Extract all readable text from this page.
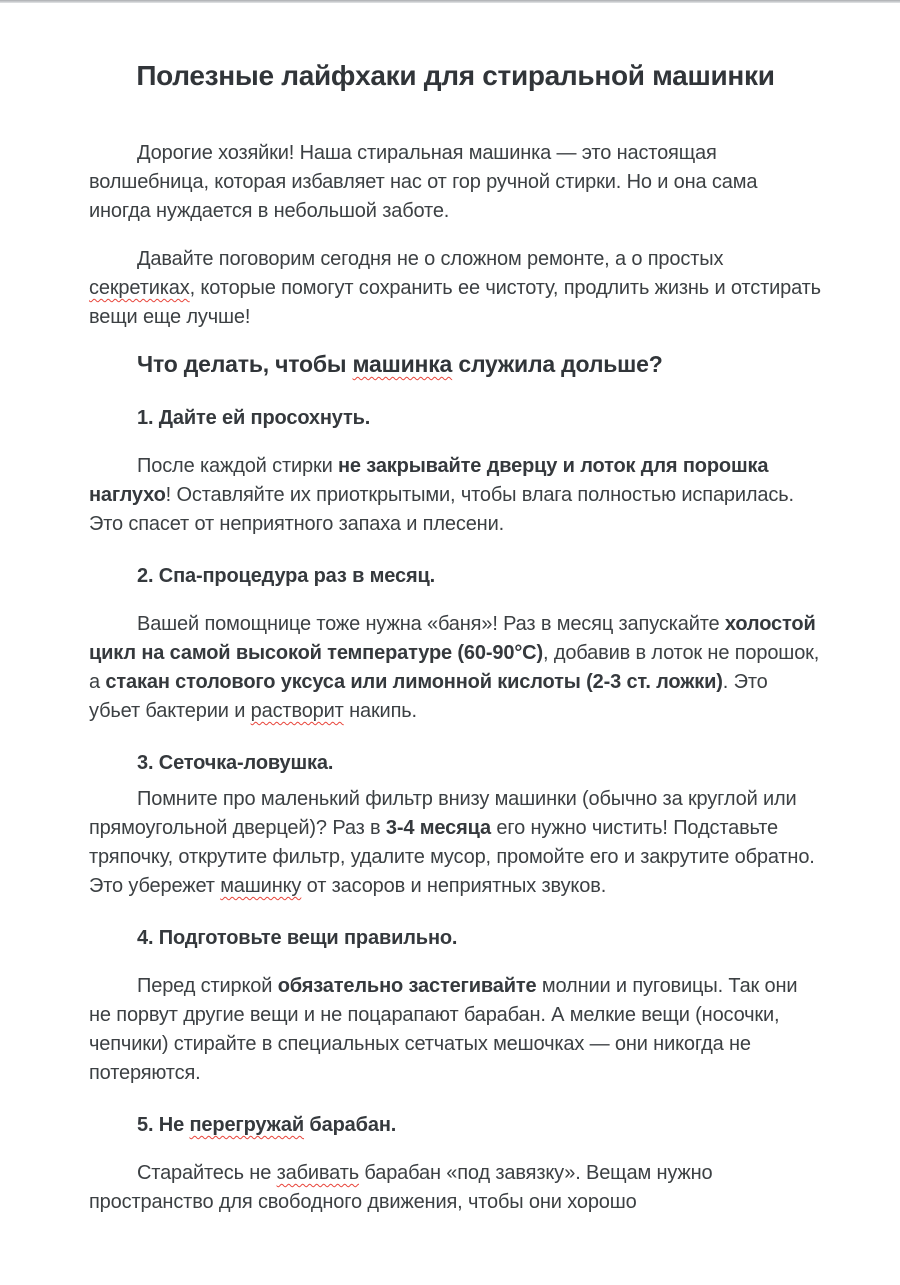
Полезные лайфхаки для стиральной машинки

Дорогие хозяйки! Наша стиральная машинка — это настоящая волшебница, которая избавляет нас от гор ручной стирки. Но и она сама иногда нуждается в небольшой заботе.

Давайте поговорим сегодня не о сложном ремонте, а о простых секретиках, которые помогут сохранить ее чистоту, продлить жизнь и отстирать вещи еще лучше!

Что делать, чтобы машинка служила дольше?
1. Дайте ей просохнуть.

После каждой стирки не закрывайте дверцу и лоток для порошка наглухо! Оставляйте их приоткрытыми, чтобы влага полностью испарилась. Это спасет от неприятного запаха и плесени.

2. Спа-процедура раз в месяц.

Вашей помощнице тоже нужна «баня»! Раз в месяц запускайте холостой цикл на самой высокой температуре (60-90°С), добавив в лоток не порошок, а стакан столового уксуса или лимонной кислоты (2-3 ст. ложки). Это убьет бактерии и растворит накипь.

3. Сеточка-ловушка.

Помните про маленький фильтр внизу машинки (обычно за круглой или прямоугольной дверцей)? Раз в 3-4 месяца его нужно чистить! Подставьте тряпочку, открутите фильтр, удалите мусор, промойте его и закрутите обратно. Это убережет машинку от засоров и неприятных звуков.

4. Подготовьте вещи правильно.

Перед стиркой обязательно застегивайте молнии и пуговицы. Так они не порвут другие вещи и не поцарапают барабан. А мелкие вещи (носочки, чепчики) стирайте в специальных сетчатых мешочках — они никогда не потеряются.

5. Не перегружай барабан.

Старайтесь не забивать барабан «под завязку». Вещам нужно пространство для свободного движения, чтобы они хорошо
